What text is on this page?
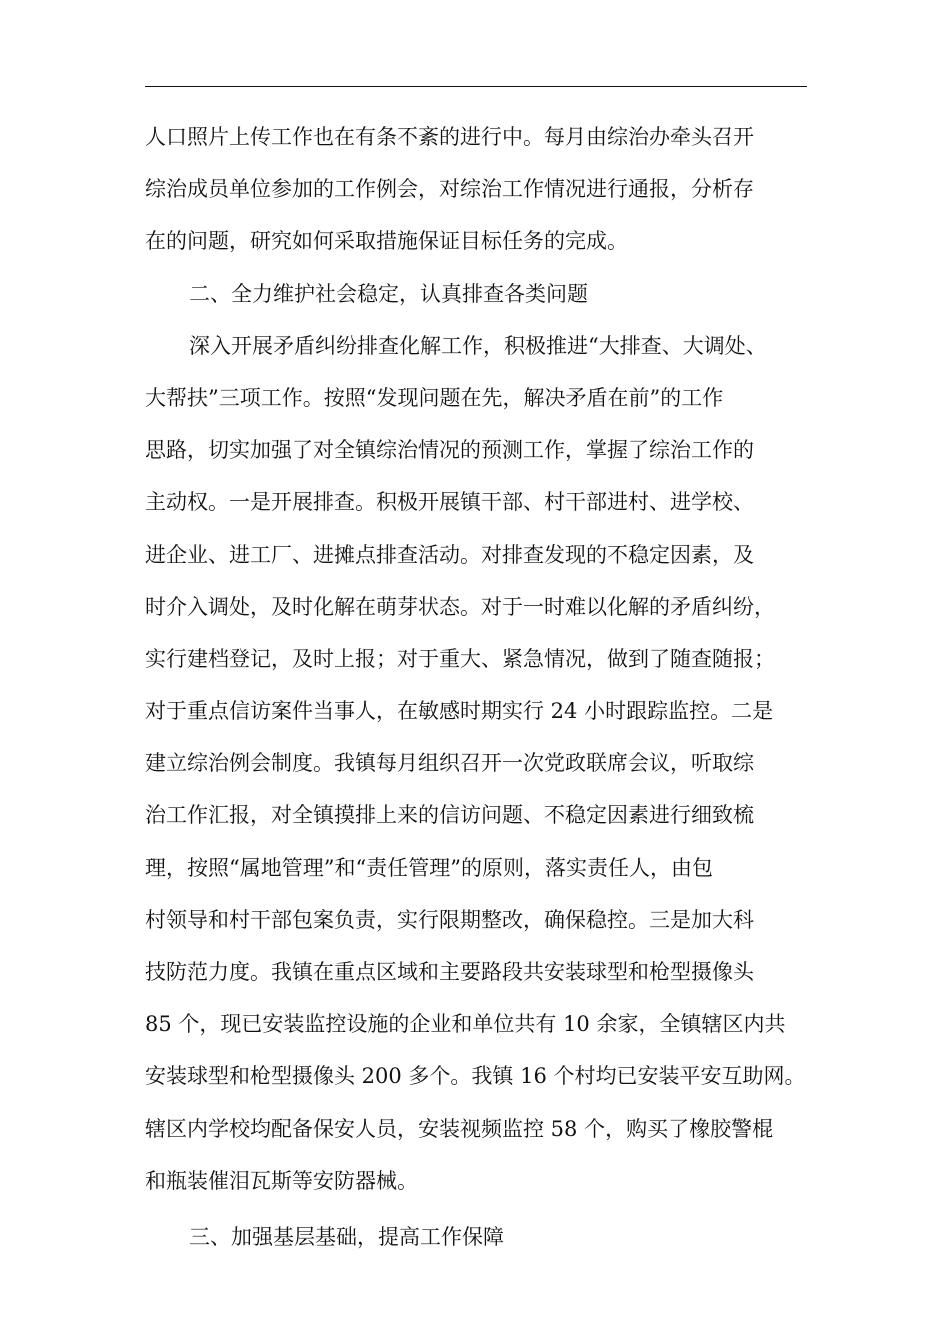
人口照片上传工作也在有条不紊的进行中。每月由综治办牵头召开
综治成员单位参加的工作例会，对综治工作情况进行通报，分析存
在的问题，研究如何采取措施保证目标任务的完成。
二、全力维护社会稳定，认真排查各类问题
深入开展矛盾纠纷排查化解工作，积极推进“大排查、大调处、
大帮扶”三项工作。按照“发现问题在先，解决矛盾在前”的工作
思路，切实加强了对全镇综治情况的预测工作，掌握了综治工作的
主动权。一是开展排查。积极开展镇干部、村干部进村、进学校、
进企业、进工厂、进摊点排查活动。对排查发现的不稳定因素，及
时介入调处，及时化解在萌芽状态。对于一时难以化解的矛盾纠纷，
实行建档登记，及时上报；对于重大、紧急情况，做到了随查随报；
对于重点信访案件当事人，在敏感时期实行 24 小时跟踪监控。二是
建立综治例会制度。我镇每月组织召开一次党政联席会议，听取综
治工作汇报，对全镇摸排上来的信访问题、不稳定因素进行细致梳
理，按照“属地管理”和“责任管理”的原则，落实责任人，由包
村领导和村干部包案负责，实行限期整改，确保稳控。三是加大科
技防范力度。我镇在重点区域和主要路段共安装球型和枪型摄像头
85 个，现已安装监控设施的企业和单位共有 10 余家，全镇辖区内共
安装球型和枪型摄像头 200 多个。我镇 16 个村均已安装平安互助网。
辖区内学校均配备保安人员，安装视频监控 58 个，购买了橡胶警棍
和瓶装催泪瓦斯等安防器械。
三、加强基层基础，提高工作保障
